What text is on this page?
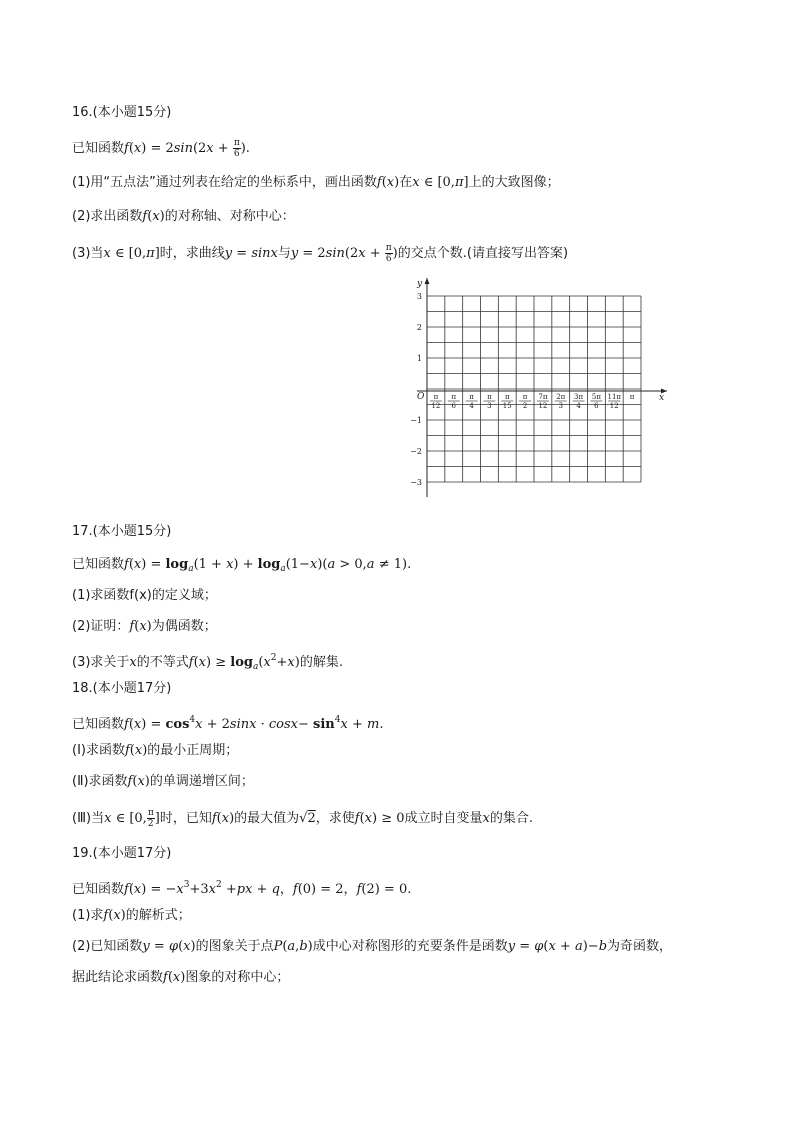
16.(本小题15分)
已知函数$f(x) = 2\sin(2x + \frac{\pi}{6}$ ).
(1)用“五点法”通过列表在给定的坐标系中，画出函数f(x)在x ∈ [0,π]上的大致图像；
(2)求出函数f(x)的对称轴、对称中心：
(3)当x ∈ [0,π]时，求曲线y = sinx与$y = 2\sin(2x + \frac{\pi}{6}$ )的交点个数.(请直接写出答案)
y
x
O
3
2
1
−1
−2
−3
π
12
π
6
π
4
π
3
π
15
π
2
7π
12
2π
3
3π
4
5π
6
11π
12
π
17.(本小题15分)
已知函数$f(x) = \log_a(1 + x) + \log_a(1-x)(a > 0,a \ne 1)$.
(1)求函数f(x)的定义域；
(2)证明：f(x)为偶函数；
(3)求关于x的不等式$f(x) \ge \log_a(x^2+x)$的解集.
18.(本小题17分)
已知函数$f(x) = \cos^4x + 2\sin x \cdot \cos x- \sin^4x + m$.
(Ⅰ)求函数f(x)的最小正周期；
(Ⅱ)求函数f(x)的单调递增区间；
(Ⅲ)当x ∈ [0, $\frac{\pi}{2}$ ]时，已知f(x)的最大值为√2，求使f(x) ≥ 0成立时自变量x的集合.
19.(本小题17分)
已知函数$f(x) = -x^3+3x^2 +px + q$，f(0) = 2，f(2) = 0.
(1)求f(x)的解析式；
(2)已知函数y = φ(x)的图象关于点P(a,b)成中心对称图形的充要条件是函数y = φ(x + a)−b为奇函数，
据此结论求函数f(x)图象的对称中心；
